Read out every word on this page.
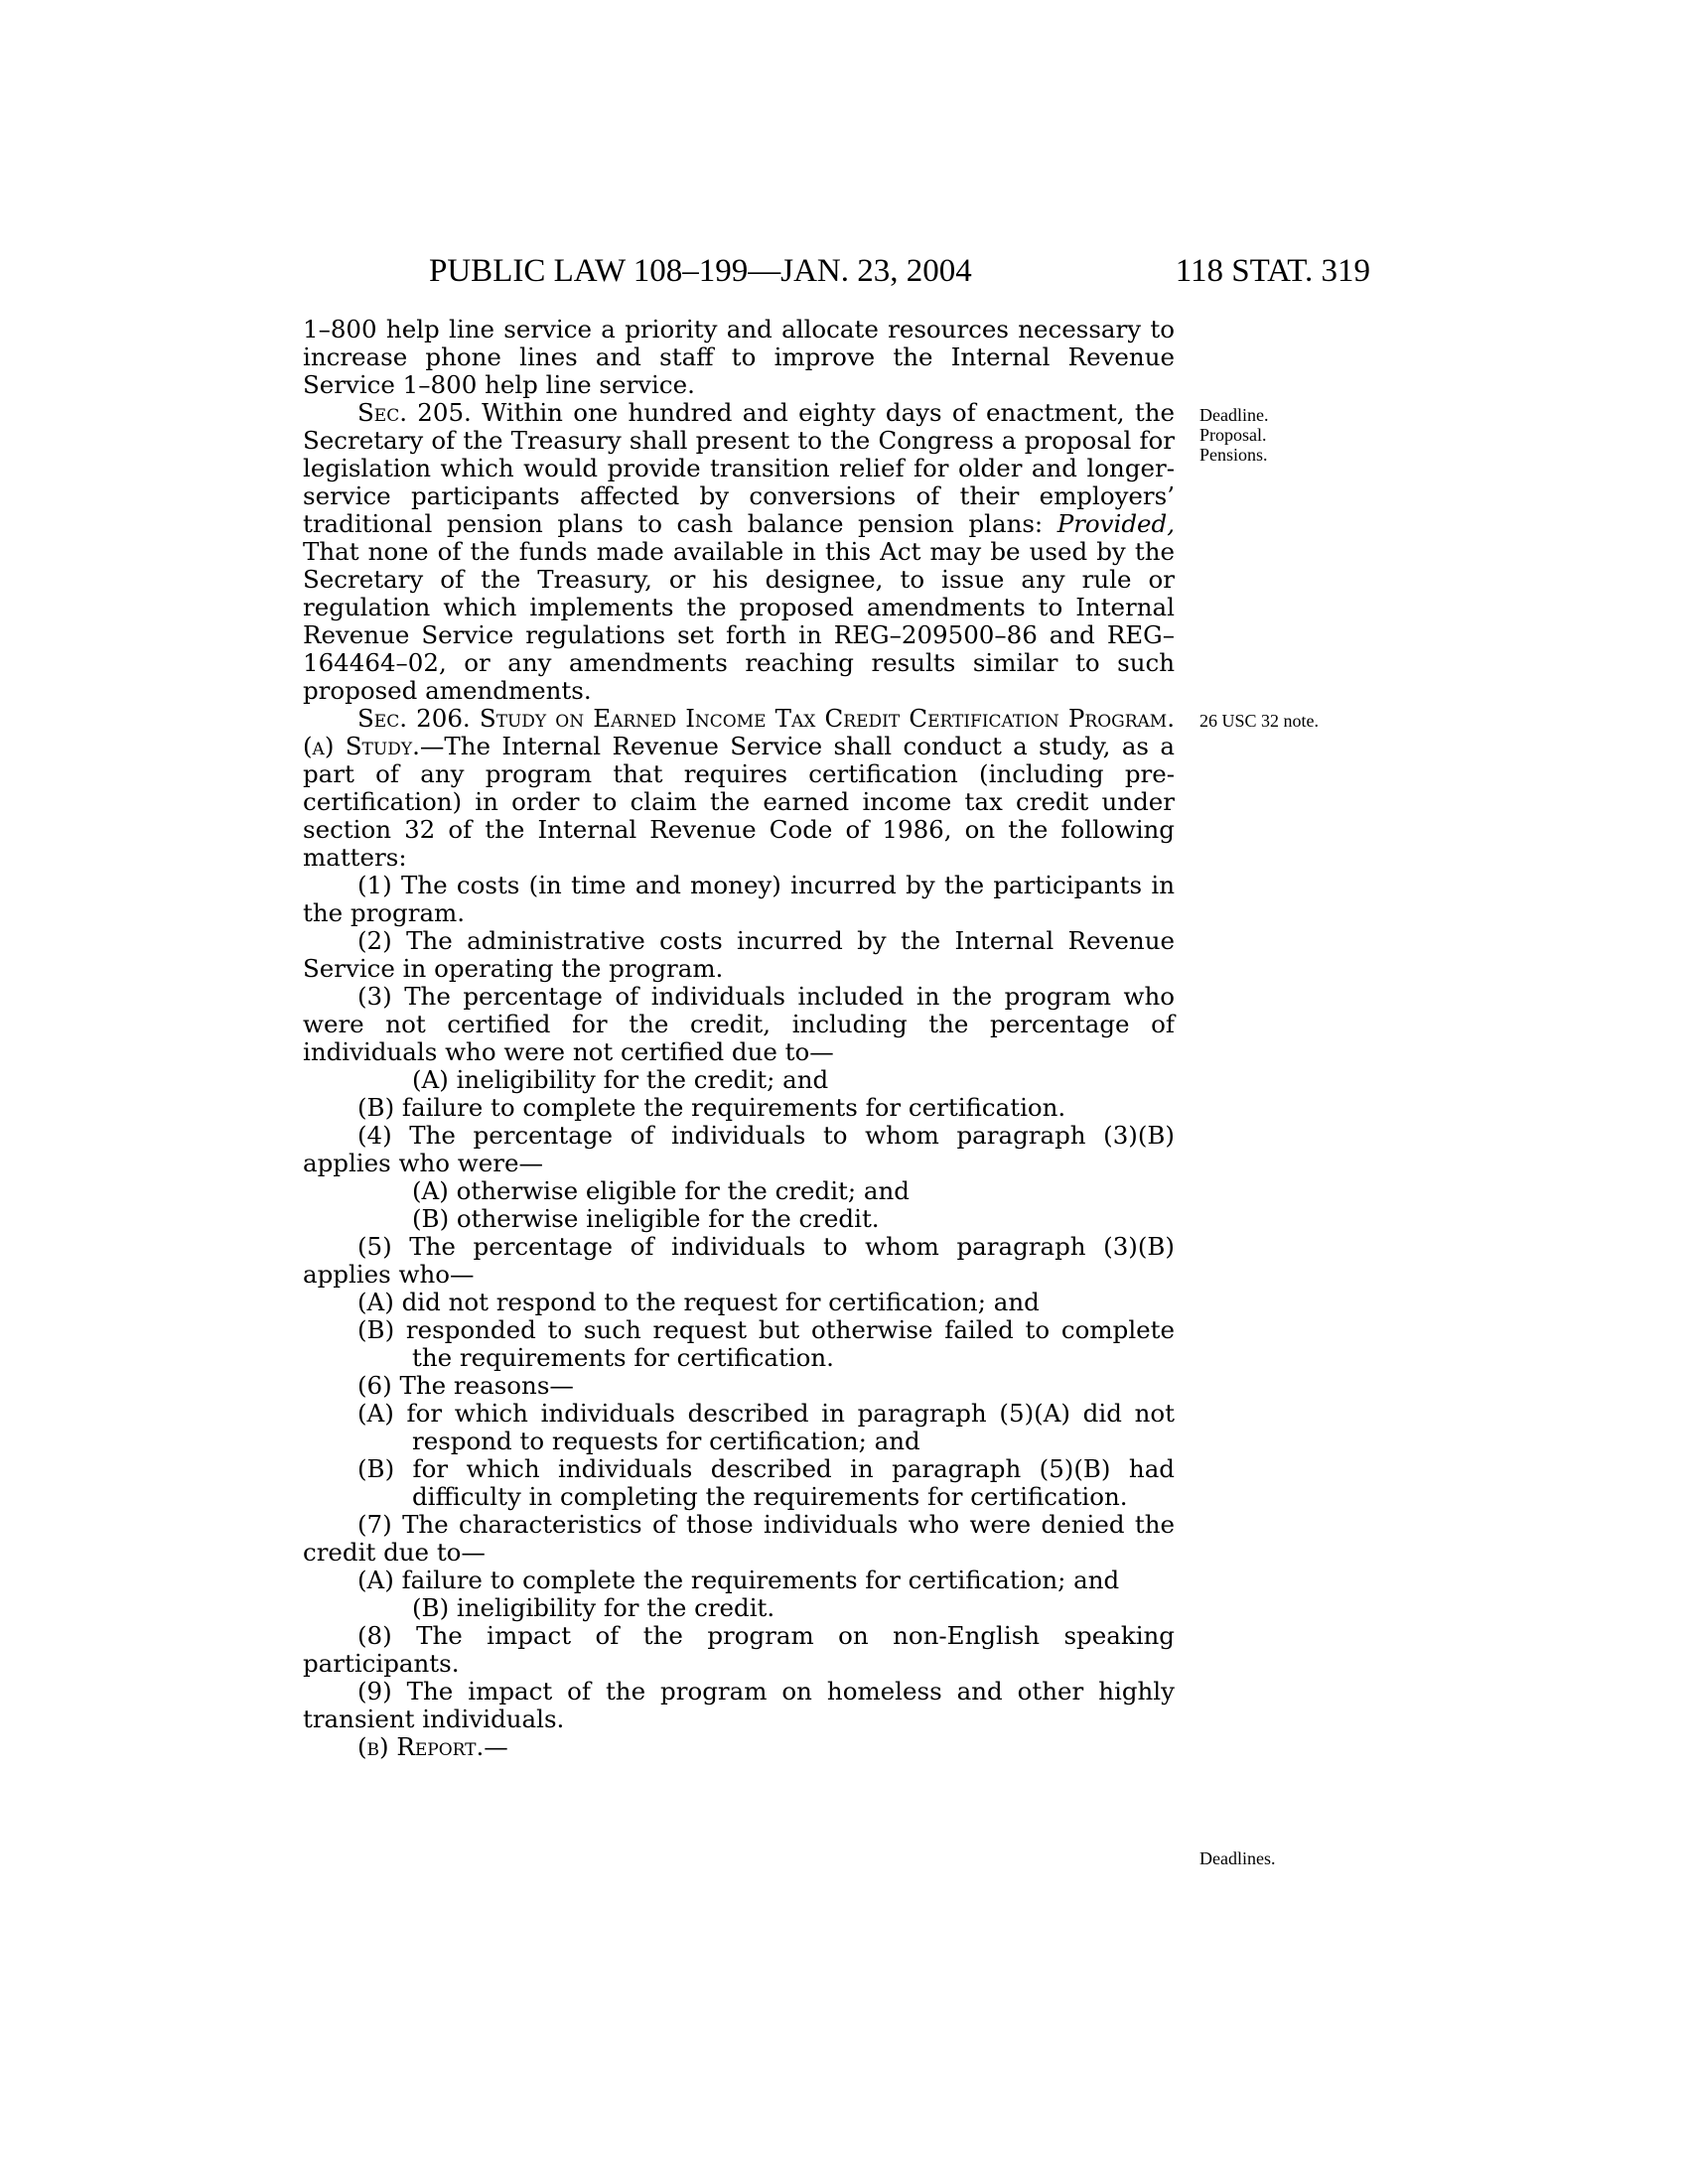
PUBLIC LAW 108–199—JAN. 23, 2004	118 STAT. 319
Deadline.
Proposal.
Pensions.
26 USC 32 note.
Deadlines.

1–800 help line service a priority and allocate resources necessary to increase phone lines and staff to improve the Internal Revenue Service 1–800 help line service.

Sec. 205. Within one hundred and eighty days of enactment, the Secretary of the Treasury shall present to the Congress a proposal for legislation which would provide transition relief for older and longer-service participants affected by conversions of their employers’ traditional pension plans to cash balance pension plans: Provided, That none of the funds made available in this Act may be used by the Secretary of the Treasury, or his designee, to issue any rule or regulation which implements the proposed amendments to Internal Revenue Service regulations set forth in REG–209500–86 and REG–164464–02, or any amendments reaching results similar to such proposed amendments.

Sec. 206. Study on Earned Income Tax Credit Certification Program. (a) Study.—The Internal Revenue Service shall conduct a study, as a part of any program that requires certification (including pre-certification) in order to claim the earned income tax credit under section 32 of the Internal Revenue Code of 1986, on the following matters:

(1) The costs (in time and money) incurred by the participants in the program.

(2) The administrative costs incurred by the Internal Revenue Service in operating the program.

(3) The percentage of individuals included in the program who were not certified for the credit, including the percentage of individuals who were not certified due to—

(A) ineligibility for the credit; and

(B) failure to complete the requirements for certification.

(4) The percentage of individuals to whom paragraph (3)(B) applies who were—

(A) otherwise eligible for the credit; and

(B) otherwise ineligible for the credit.

(5) The percentage of individuals to whom paragraph (3)(B) applies who—

(A) did not respond to the request for certification; and

(B) responded to such request but otherwise failed to complete the requirements for certification.

(6) The reasons—

(A) for which individuals described in paragraph (5)(A) did not respond to requests for certification; and

(B) for which individuals described in paragraph (5)(B) had difficulty in completing the requirements for certification.

(7) The characteristics of those individuals who were denied the credit due to—

(A) failure to complete the requirements for certification; and

(B) ineligibility for the credit.

(8) The impact of the program on non-English speaking participants.

(9) The impact of the program on homeless and other highly transient individuals.

(b) Report.—
